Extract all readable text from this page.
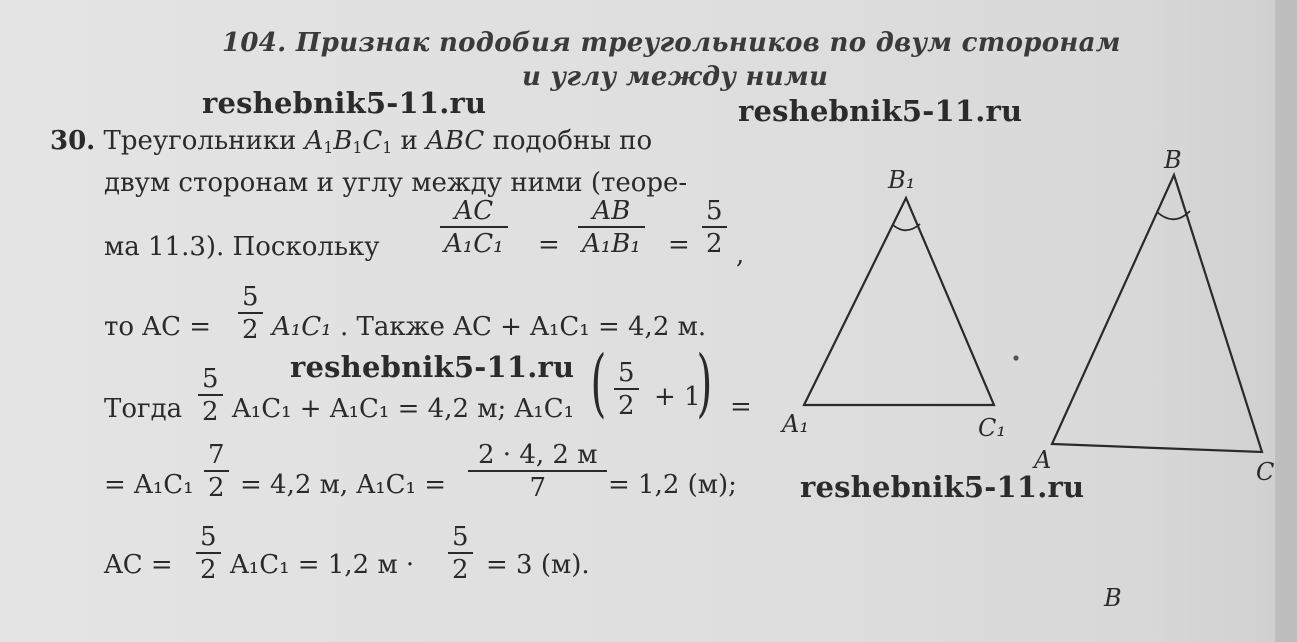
104. Признак подобия треугольников по двум сторонам
и углу между ними
reshebnik5-11.ru	reshebnik5-11.ru
reshebnik5-11.ru
reshebnik5-11.ru
30. Треугольники $A_1B_1C_1$ и ABC подобны по
двум сторонам и углу между ними (теоре-
ма 11.3). Поскольку
AC
A₁C₁ =
AB
A₁B₁ =
5
2 ,
то AC =
5
2 A₁C₁ . Также AC + A₁C₁ = 4,2 м.
Тогда
5
2 A₁C₁ + A₁C₁ = 4,2 м; A₁C₁ ( 5
2 + 1
) =
= A₁C₁
7
2 = 4,2 м, A₁C₁ =
2 · 4, 2 м
7 = 1,2 (м);
AC =
5
2 A₁C₁ = 1,2 м ·
5
2 = 3 (м).
B₁
A₁	C₁
B
A	C
B
